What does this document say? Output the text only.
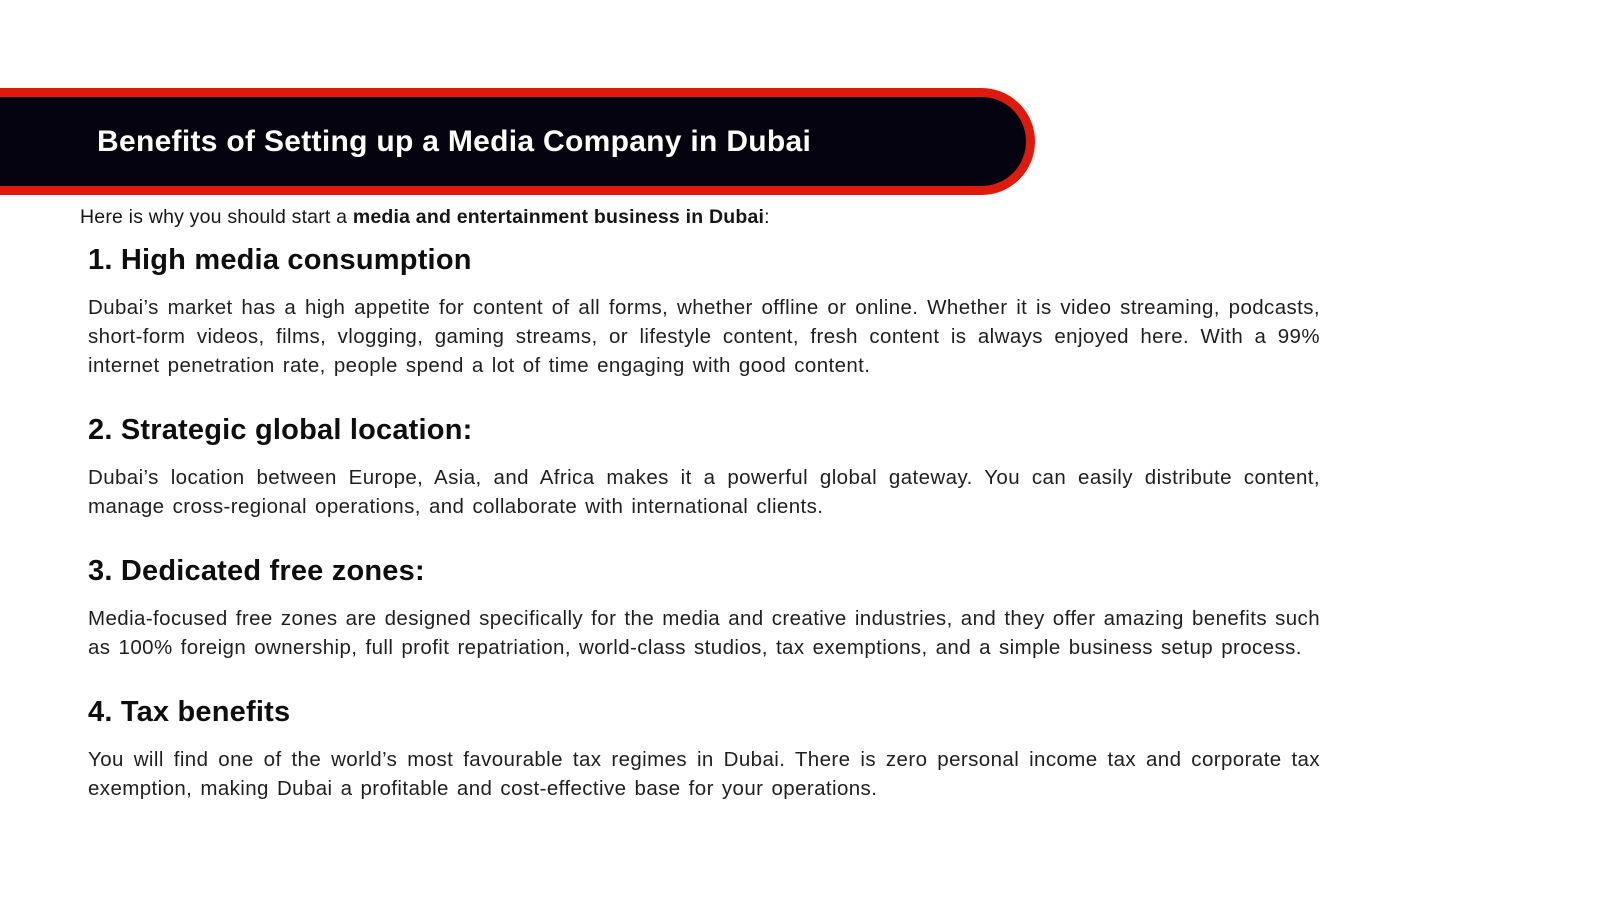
Benefits of Setting up a Media Company in Dubai
Here is why you should start a media and entertainment business in Dubai:
1. High media consumption

Dubai’s market has a high appetite for content of all forms, whether offline or online. Whether it is video streaming, podcasts, short-form videos, films, vlogging, gaming streams, or lifestyle content, fresh content is always enjoyed here. With a 99% internet penetration rate, people spend a lot of time engaging with good content.

2. Strategic global location:

Dubai’s location between Europe, Asia, and Africa makes it a powerful global gateway. You can easily distribute content, manage cross-regional operations, and collaborate with international clients.

3. Dedicated free zones:

Media-focused free zones are designed specifically for the media and creative industries, and they offer amazing benefits such as 100% foreign ownership, full profit repatriation, world-class studios, tax exemptions, and a simple business setup process.

4. Tax benefits

You will find one of the world’s most favourable tax regimes in Dubai. There is zero personal income tax and corporate tax exemption, making Dubai a profitable and cost-effective base for your operations.
